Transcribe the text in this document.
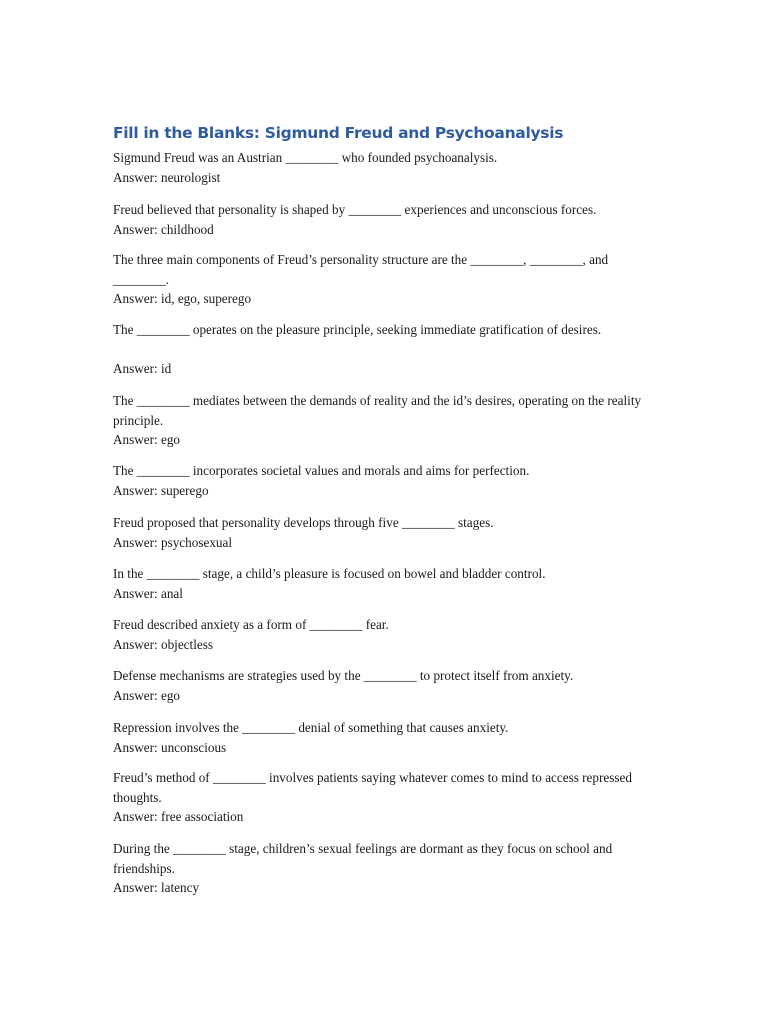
Fill in the Blanks: Sigmund Freud and Psychoanalysis

Sigmund Freud was an Austrian ________ who founded psychoanalysis.

Answer: neurologist

Freud believed that personality is shaped by ________ experiences and unconscious forces.

Answer: childhood

The three main components of Freud’s personality structure are the ________, ________, and ________.

Answer: id, ego, superego

The ________ operates on the pleasure principle, seeking immediate gratification of desires.

Answer: id

The ________ mediates between the demands of reality and the id’s desires, operating on the reality principle.

Answer: ego

The ________ incorporates societal values and morals and aims for perfection.

Answer: superego

Freud proposed that personality develops through five ________ stages.

Answer: psychosexual

In the ________ stage, a child’s pleasure is focused on bowel and bladder control.

Answer: anal

Freud described anxiety as a form of ________ fear.

Answer: objectless

Defense mechanisms are strategies used by the ________ to protect itself from anxiety.

Answer: ego

Repression involves the ________ denial of something that causes anxiety.

Answer: unconscious

Freud’s method of ________ involves patients saying whatever comes to mind to access repressed thoughts.

Answer: free association

During the ________ stage, children’s sexual feelings are dormant as they focus on school and friendships.

Answer: latency
